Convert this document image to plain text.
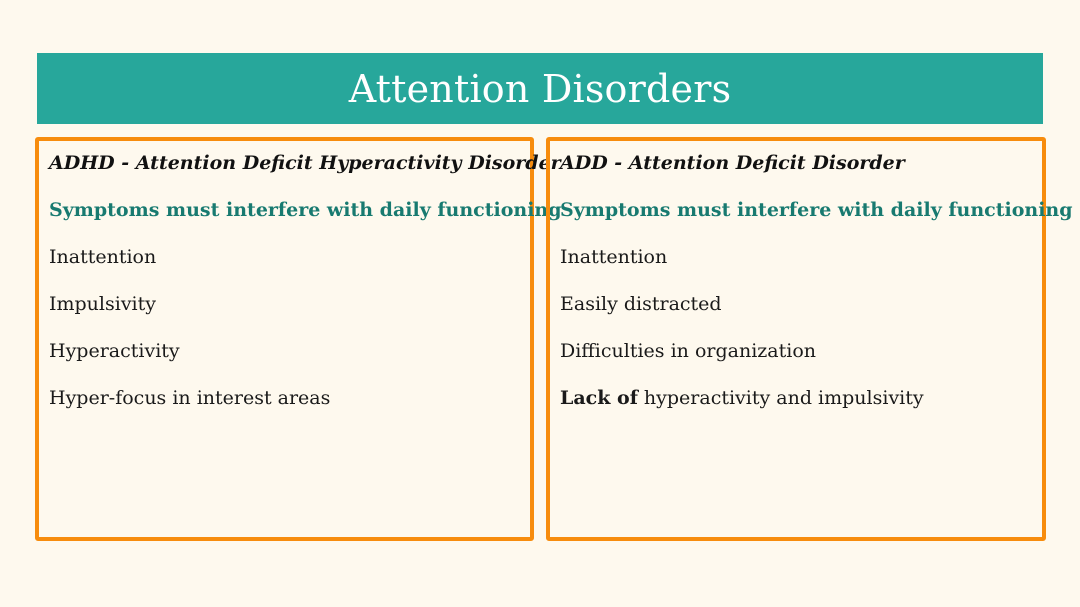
Attention Disorders

ADHD - Attention Deficit Hyperactivity Disorder

Symptoms must interfere with daily functioning

Inattention

Impulsivity

Hyperactivity

Hyper-focus in interest areas

ADD - Attention Deficit Disorder

Symptoms must interfere with daily functioning

Inattention

Easily distracted

Difficulties in organization

Lack of hyperactivity and impulsivity
